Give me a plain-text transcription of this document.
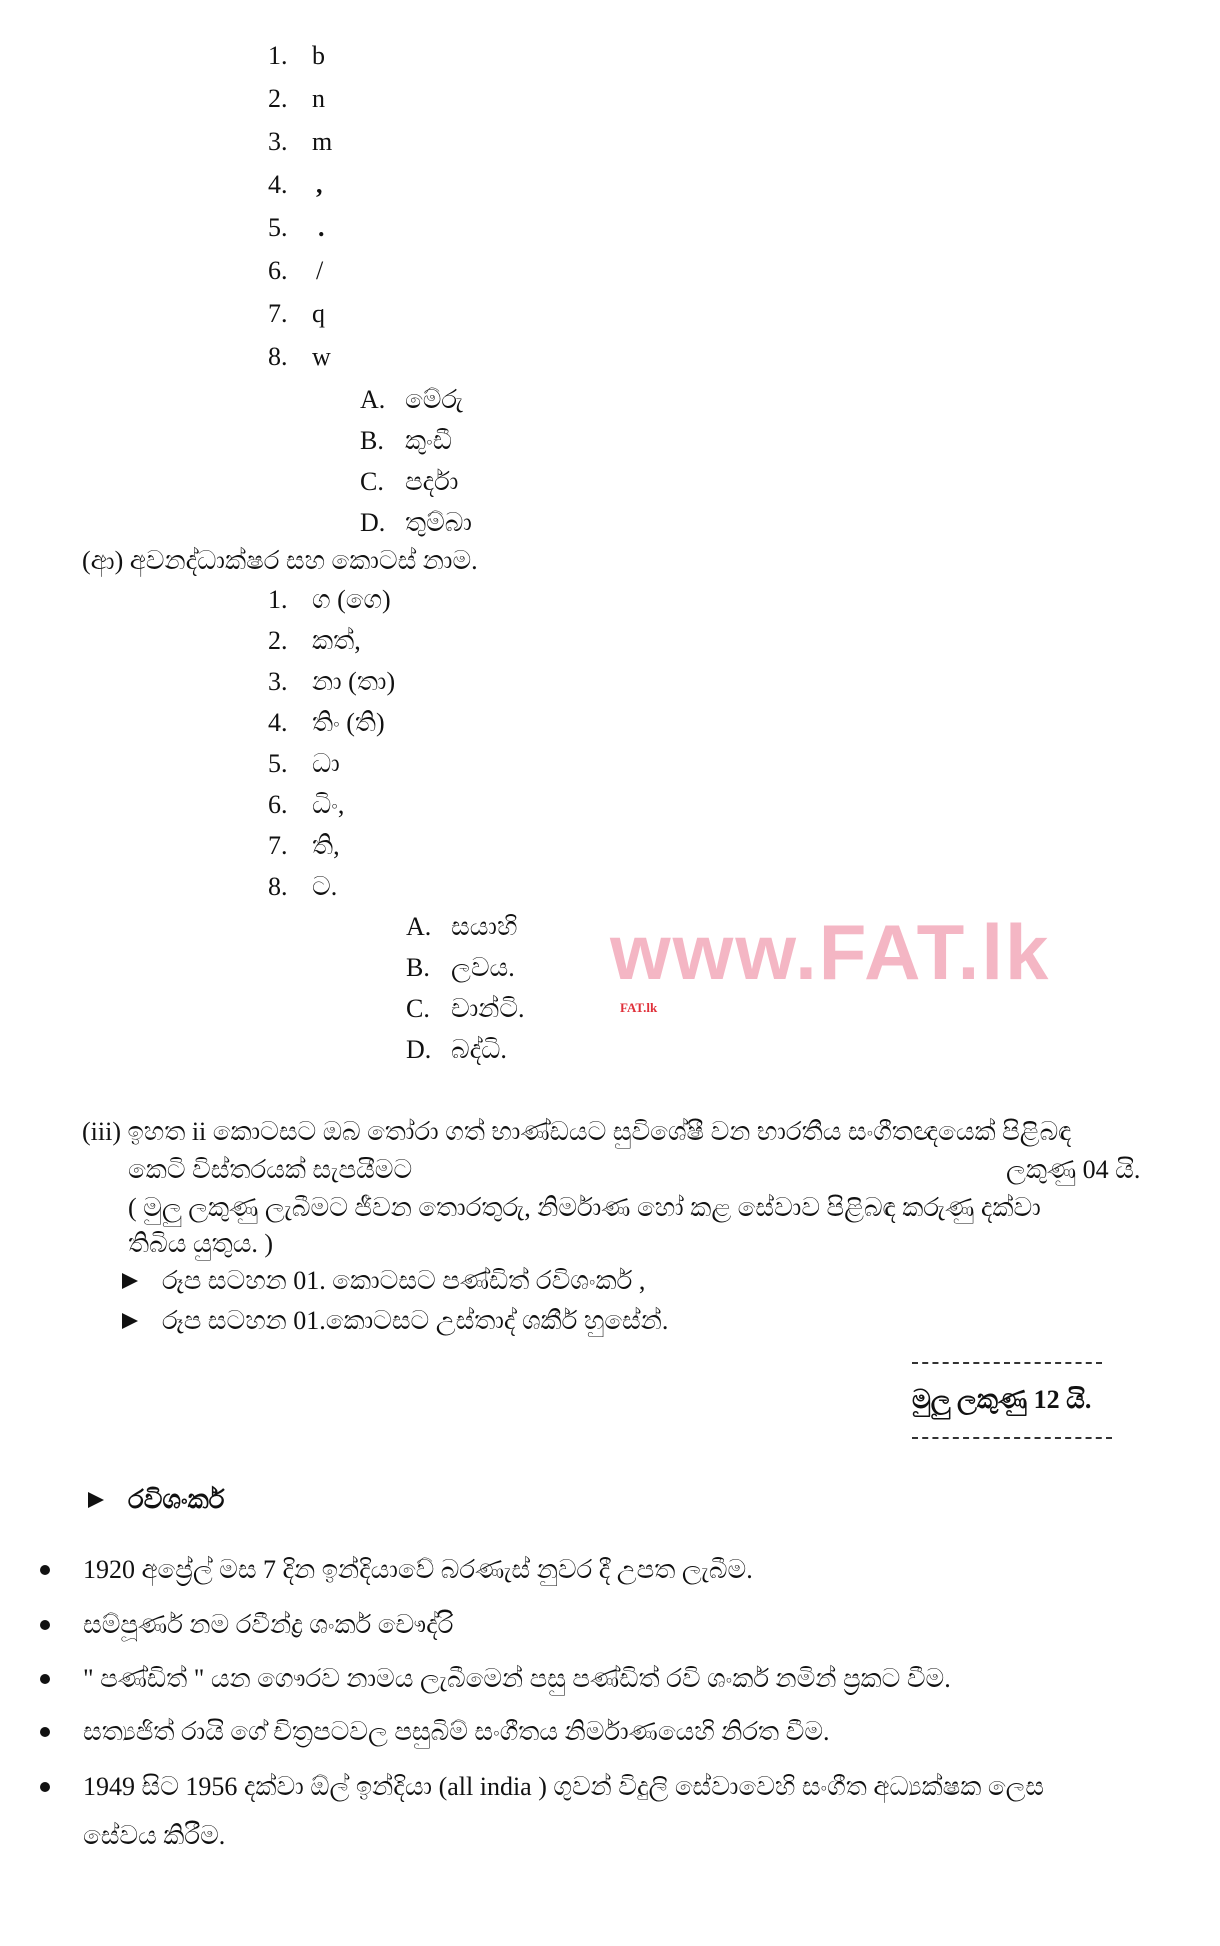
www.FAT.lk
FAT.lk
1. b
2. n
3. m
4.	,
5.	.
6.	/
7. q
8. w
A. මේරු
B. කුංඩී
C. පර්දා
D. තුම්බා
(ආ) අවනද්ධාක්ෂර සහ කොටස් නාම.
1. ග (ගෙ)
2. කත්,
3. නා (තා)
4. තිං (ති)
5. ධා
6. ධිං,
7. ති,
8. ට.
A. සයාහි
B. ලවය.
C. චාන්ටි.
D. බද්ධි.
(iii) ඉහත ii කොටසට ඔබ තෝරා ගත් භාණ්ඩයට සුවිශේෂී වන භාරතීය සංගීතඥයෙක් පිළිබඳ
කෙටි විස්තරයක් සැපයීමට	ලකුණු 04 යි.
( මුලු ලකුණු ලැබීමට ජීවන තොරතුරු, නිර්මාණ හෝ කළ සේවාව පිළිබඳ කරුණු දක්වා
තිබිය යුතුය. )
රූප සටහන 01. කොටසට පණ්ඩිත් රවිශංකර් ,
රූප සටහන 01.කොටසට උස්තාද් ශකීර් හුසේන්.
මුලු ලකුණු 12 යි.
රවිශංකර්
1920 අප්‍රේල් මස 7 දින ඉන්දියාවේ බරණැස් නුවර දී උපත ලැබීම.
සම්පූර්ණ නම රවීන්ද්‍ර ශංකර් චෞද්රි
" පණ්ඩිත් " යන ගෞරව නාමය ලැබීමෙන් පසු පණ්ඩිත් රවි ශංකර් නමින් ප්‍රකට වීම.
සත්‍යජිත් රායි ගේ චිත්‍රපටවල පසුබිම් සංගීතය නිර්මාණයෙහි නිරත වීම.
1949 සිට 1956 දක්වා ඕල් ඉන්දියා (all india ) ගුවන් විදුලි සේවාවෙහි සංගීත අධ්‍යක්ෂක ලෙස
සේවය කිරීම.
